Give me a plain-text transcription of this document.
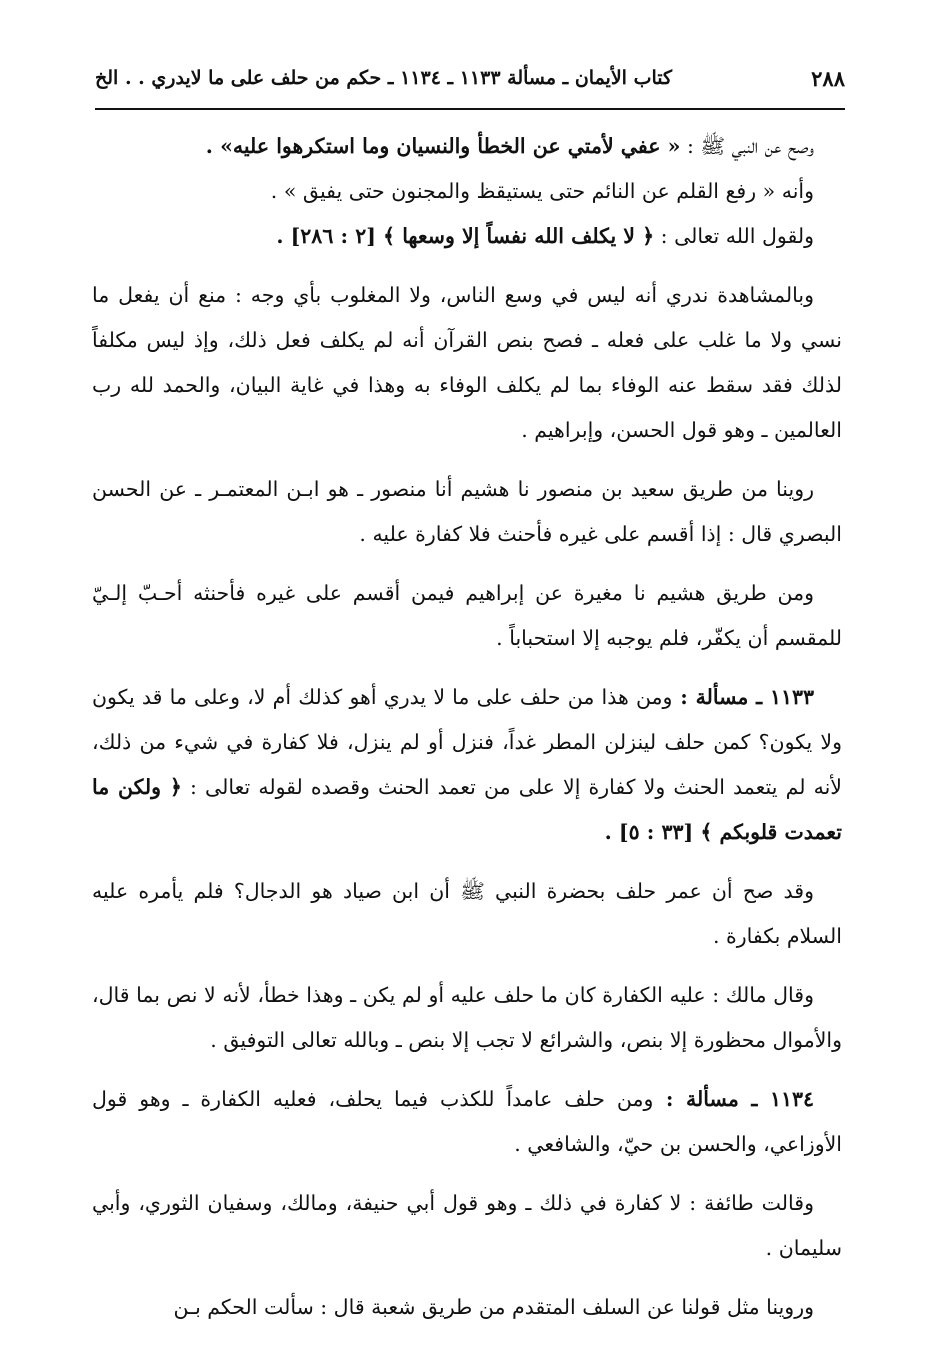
٢٨٨
كتاب الأيمان ـ مسألة ١١٣٣ ـ ١١٣٤ ـ حكم من حلف على ما لايدري . . الخ

وصح عن النبي ﷺ : « عفي لأمتي عن الخطأ والنسيان وما استكرهوا عليه» .

وأنه « رفع القلم عن النائم حتى يستيقظ والمجنون حتى يفيق » .

ولقول الله تعالى : ﴿ لا يكلف الله نفساً إلا وسعها ﴾ [٢ : ٢٨٦] .

وبالمشاهدة ندري أنه ليس في وسع الناس، ولا المغلوب بأي وجه : منع أن يفعل ما نسي ولا ما غلب على فعله ـ فصح بنص القرآن أنه لم يكلف فعل ذلك، وإذ ليس مكلفاً لذلك فقد سقط عنه الوفاء بما لم يكلف الوفاء به وهذا في غاية البيان، والحمد لله رب العالمين ـ وهو قول الحسن، وإبراهيم .

روينا من طريق سعيد بن منصور نا هشيم أنا منصور ـ هو ابـن المعتمـر ـ عن الحسن البصري قال : إذا أقسم على غيره فأحنث فلا كفارة عليه .

ومن طريق هشيم نا مغيرة عن إبراهيم فيمن أقسم على غيره فأحنثه أحـبّ إلـيّ للمقسم أن يكفّر، فلم يوجبه إلا استحباباً .

١١٣٣ ـ مسألة : ومن هذا من حلف على ما لا يدري أهو كذلك أم لا، وعلى ما قد يكون ولا يكون؟ كمن حلف لينزلن المطر غداً، فنزل أو لم ينزل، فلا كفارة في شيء من ذلك، لأنه لم يتعمد الحنث ولا كفارة إلا على من تعمد الحنث وقصده لقوله تعالى : ﴿ ولكن ما تعمدت قلوبكم ﴾ [٣٣ : ٥] .

وقد صح أن عمر حلف بحضرة النبي ﷺ أن ابن صياد هو الدجال؟ فلم يأمره عليه السلام بكفارة .

وقال مالك : عليه الكفارة كان ما حلف عليه أو لم يكن ـ وهذا خطأ، لأنه لا نص بما قال، والأموال محظورة إلا بنص، والشرائع لا تجب إلا بنص ـ وبالله تعالى التوفيق .

١١٣٤ ـ مسألة : ومن حلف عامداً للكذب فيما يحلف، فعليه الكفارة ـ وهو قول الأوزاعي، والحسن بن حيّ، والشافعي .

وقالت طائفة : لا كفارة في ذلك ـ وهو قول أبي حنيفة، ومالك، وسفيان الثوري، وأبي سليمان .

وروينا مثل قولنا عن السلف المتقدم من طريق شعبة قال : سألت الحكم بـن
